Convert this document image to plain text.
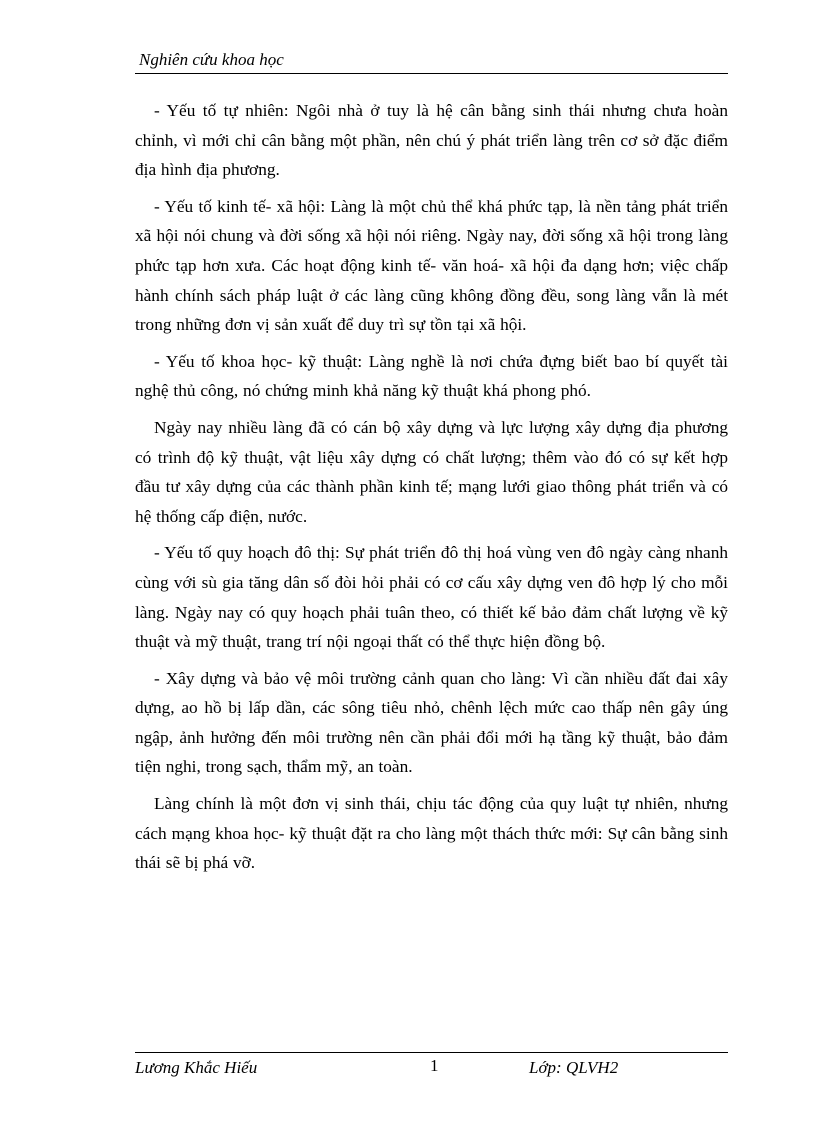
Nghiên cứu khoa học

- Yếu tố tự nhiên: Ngôi nhà ở tuy là hệ cân bằng sinh thái nhưng chưa hoàn chỉnh, vì mới chỉ cân bằng một phần, nên chú ý phát triển làng trên cơ sở đặc điểm địa hình địa phương.

- Yếu tố kinh tế- xã hội: Làng là một chủ thể khá phức tạp, là nền tảng phát triển xã hội nói chung và đời sống xã hội nói riêng. Ngày nay, đời sống xã hội trong làng phức tạp hơn xưa. Các hoạt động kinh tế- văn hoá- xã hội đa dạng hơn; việc chấp hành chính sách pháp luật ở các làng cũng không đồng đều, song làng vẫn là mét trong những đơn vị sản xuất để duy trì sự tồn tại xã hội.

- Yếu tố khoa học- kỹ thuật: Làng nghề là nơi chứa đựng biết bao bí quyết tài nghệ thủ công, nó chứng minh khả năng kỹ thuật khá phong phó.

Ngày nay nhiều làng đã có cán bộ xây dựng và lực lượng xây dựng địa phương có trình độ kỹ thuật, vật liệu xây dựng có chất lượng; thêm vào đó có sự kết hợp đầu tư xây dựng của các thành phần kinh tế; mạng lưới giao thông phát triển và có hệ thống cấp điện, nước.

- Yếu tố quy hoạch đô thị: Sự phát triển đô thị hoá vùng ven đô ngày càng nhanh cùng với sù gia tăng dân số đòi hỏi phải có cơ cấu xây dựng ven đô hợp lý cho mỗi làng. Ngày nay có quy hoạch phải tuân theo, có thiết kế bảo đảm chất lượng về kỹ thuật và mỹ thuật, trang trí nội ngoại thất có thể thực hiện đồng bộ.

- Xây dựng và bảo vệ môi trường cảnh quan cho làng: Vì cần nhiều đất đai xây dựng, ao hồ bị lấp dần, các sông tiêu nhỏ, chênh lệch mức cao thấp nên gây úng ngập, ảnh hưởng đến môi trường nên cần phải đổi mới hạ tầng kỹ thuật, bảo đảm tiện nghi, trong sạch, thẩm mỹ, an toàn.

Làng chính là một đơn vị sinh thái, chịu tác động của quy luật tự nhiên, nhưng cách mạng khoa học- kỹ thuật đặt ra cho làng một thách thức mới: Sự cân bằng sinh thái sẽ bị phá vỡ.

Lương Khắc Hiếu	1	Lớp: QLVH2
